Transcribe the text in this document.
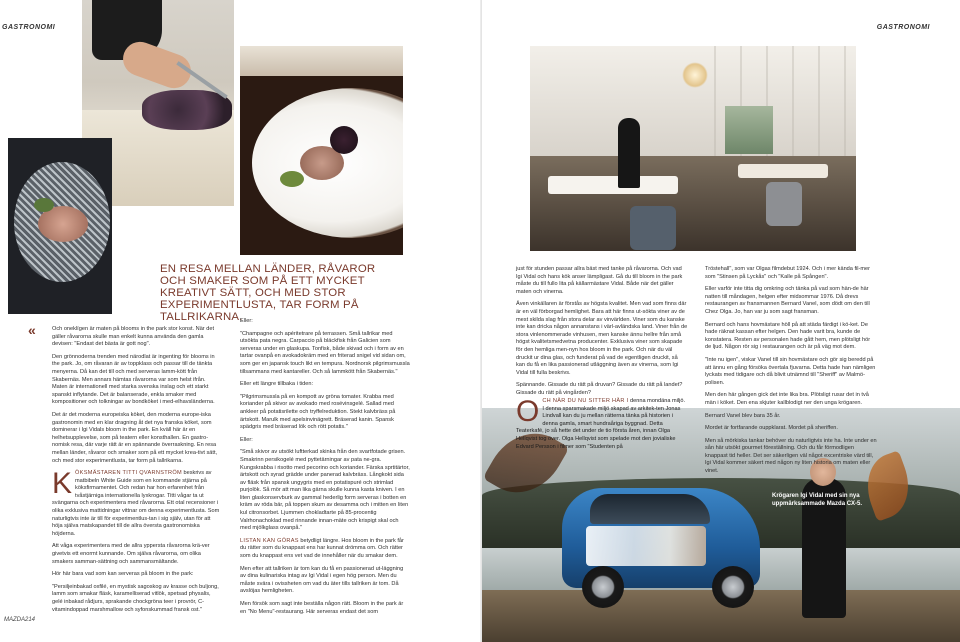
GASTRONOMI
EN RESA MELLAN LÄNDER, RÅVAROR OCH SMAKER SOM PÅ ETT MYCKET KREATIVT SÄTT, OCH MED STOR EXPERIMENTLUSTA, TAR FORM PÅ TALLRIKARNA.
«	Och oneklígen är maten på blooms in the park stor konst. När det gäller råvarorna skulle man enkelt kunna använda den gamla devisen: "Endast det bästa är gott nog".

Den grönnoderna trenden med närodlat är ingenting för blooms in the park. Jo, om råvaran är av toppklass och passar till de tänkta menyerna. Då kan det till och med serveras lamm-kött från Skabernäs. Men annars hämtas råvarorna var som helst ifrån. Maten är internationell med starka svenska inslag och ett starkt spanskt inflytande. Det är balanserade, enkla smaker med kompositioner och tolkningar av bondköket i med-elhavsländerna.

Det är det moderna europeiska köket, den moderna europe-iska gastronomin med en klar dragning åt det nya franska köket, som dominerar i Igi Vidals bloom in the park. En kväll här är en helhetsupplevelse, som på teatern eller konsthallen. En gastro-nomisk resa, där varje rätt är en spännande överraskning. En resa mellan länder, råvaror och smaker som på ett mycket krea-tivt sätt, och med stor experimentlusta, tar form på tallrikarna.

K ÖKSMÄSTAREN TITTI QVARNSTRÖM beskrivs av matbibeln White Guide som en kommande stjärna på köksfirmamentet. Och redan har hon erfarenhet från tvåstjärniga internationella lyxkrogar. Titti vågar ta ut svängarna och experimentera med råvarorna. Ett otal recensioner i olika exklusiva mattidningar vittnar om denna experimentlusta. Som naturligtvis inte är till för experimentlus-tan i sig själv, utan för att höja själva matskapandet till de allra översta gastronomiska höjderna.

Att våga experimentera med de allra yppersta råvarorna krä-ver givetvis ett enormt kunnande. Om själva råvarorna, om olika smakers samman-sättning och sammansmältande.

Hör här bara vad som kan serveras på bloom in the park:

"Persiljeinbakad oxfilé, en mystisk sagoskog av krasse och buljong, lamm som smakar fläsk, karamelliserad vitlök, spetsad physalis, gelé inbakad rådjurs, sprakande chockgröna teer i provrör, C-vitamindoppad marshmallow och syfonskummad fransk ost."

Eller:

"Champagne och apéritetrare på terrassen. Små tallrikar med utsökta pata negra. Carpaccio på bläckfisk från Galicien som serveras under en glaskupa. Tonfisk, både skivad och i form av en tartar ovanpå en avokadokräm med en friterad snigel vid sidan om, som ger en japansk touch likt en tempura. Nordnorsk pilgrimsmussla tillsammans med kantareller. Och så lammkött från Skabernäs."

Eller ett längre tillbaka i tiden:

"Pilgrimsmussla på en kompott av gröna tomater. Krabba med koriander på skivor av avokado med rosévinsgelé. Sallad med ankleer på potatisrilette och tryffelreduktion. Stekt kalvbräss på ärtskott. Marulk med apelsinvinägrett. Bräserad kanin. Spansk spädgris med bräserad lök och rött potatis."

Eller:

"Små skivor av utsökt luftterkad skinka från den svartfotade grisen. Smakrinn persikogelé med pyttetärningar av pata ne-gra. Kungskrabba i risotto med pecorino och koriander. Färska sprtitärtor, ärtskott och syrad grädde under panerad kalvbräss. Långkokt sida av fläsk från spansk ungygris med en potatispuré och strimlad purjolök. Så mör att man lika gärna skulle kunna kasta kniven. I en liten glaskonservburk av gammal hederlig form serveras i botten en kräm av röda bär, på toppen skum av desamma och i mitten en liten kul citronsorbet. Ljummen chokladtarte på 85-procentig Valrhonachoklad med rinnande innan-mäte och krispigt skal och med mjölkglass ovanpå."

LISTAN KAN GÖRAS betydligt längre. Hos bloom in the park får du rätter som du knappast ens har kunnat drömma om. Och rätter som du knappast ens vet vad de innehåller när du smakar dem.

Men efter att tallriken är tom kan du få en passionerad ut-läggning av dina kulinariska intag av Igi Vidal i egen hög person. Men du måste svära i ovissheten om vad du äter tills tallriken är tom. Då avslöjas hemligheten.

Men försök som sagt inte beställa någon rätt. Bloom in the park är en "No Menu"-restaurang. Här serveras endast det som

MAZDA214
GASTRONOMI

just för stunden passar allra bäst med tanke på råvarorna. Och vad Igi Vidal och hans kök anser lämpligast. Gå du till bloom in the park måste du till fullo lita på källarmästare Vidal. Både när det gäller maten och vinerna.

Även vinkällaren är förstås av högsta kvalitet. Men vad som finns där är en väl förborgad hemlighet. Bara att här finns ut-sökta viner av de mest skilda slag från stora delar av vinvärlden. Viner som du kanske inte kan dricka någon annanstans i värl-avländska land. Viner från de stora vinlenommerade vinhusen, men kanske ännu hellre från små högst kvalitetsmedvetna producenter. Exklusiva viner som skapade för den hemliga men-nyn hos bloom in the park. Och när du väl druckit ur dina glas, och funderat på vad de egentligen druckit, så kan du få en lika passionerad utläggning även av vinerna, som Igi Vidal till fulla beskrivs.

Spännande. Gissade du rätt på druvan? Gissade du rätt på landet? Gissade du rätt på vingården?

O CH NÄR DU NU SITTER HÄR I denna mondäna miljö. I denna sparsmakade miljö skapad av arkitek-ten Jonas Lindvall kan du ju mellan rätterna tänka på historien i denna gamla, smart hundraåriga byggnad. Detta Teaterkafé, jo så hette det under de tio första åren, innan Olga Hellqvist tog över. Olga Hellqvist som spelade mot den jovialiske Edvard Persson i filmer som "Studenten på

Tröstehall", som var Olgas filmdebut 1924. Och i mer kända fil-mer som "Stinsen på Lyckås" och "Kalle på Spången".

Eller varför inte titta dig omkring och tänka på vad som hän-de här natten till måndagen, helgen efter midsommar 1976. Då drevs restaurangen av fransmannen Bernard Vanel, som dödt om den till Chez Olga. Jo, han var ju som sagt fransman.

Bernard och hans hovmästare höll på att städa färdigt i kö-ket. De hade räknat kassan efter helgen. Den hade varit bra, kunde de konstatera. Resten av personalen hade gått hem, men plötsligt hör de ljud. Någon rör sig i restaurangen och är på väg mot dem.

"Inte nu igen", viskar Vanel till sin hovmästare och gör sig beredd på att ännu en gång försöka övertala fjuvarna. Detta hade han nämligen lyckats med tidigare och då blivit utnämnd till "Sheriff" av Malmö-polisen.

Men den här gången gick det inte lika bra. Plötsligt rusar det in två män i köket. Den ena skjuter kallblodigt ner den unga krögaren.

Bernard Vanel blev bara 35 år.

Mordet är fortfarande ouppklarat. Mordet på sheriffen.

Men så mörkiska tankar behöver du naturligtvis inte ha. Inte under en sån här utsökt gourmet föreställning. Och du får förmodligen knappast tid heller. Det ser säkerligen väl något excentriske värd till, Igi Vidal kommer säkert med någon ny liten historia om maten eller vinet.

Krögaren Igi Vidal med sin nya uppmärksammade Mazda CX-5.
